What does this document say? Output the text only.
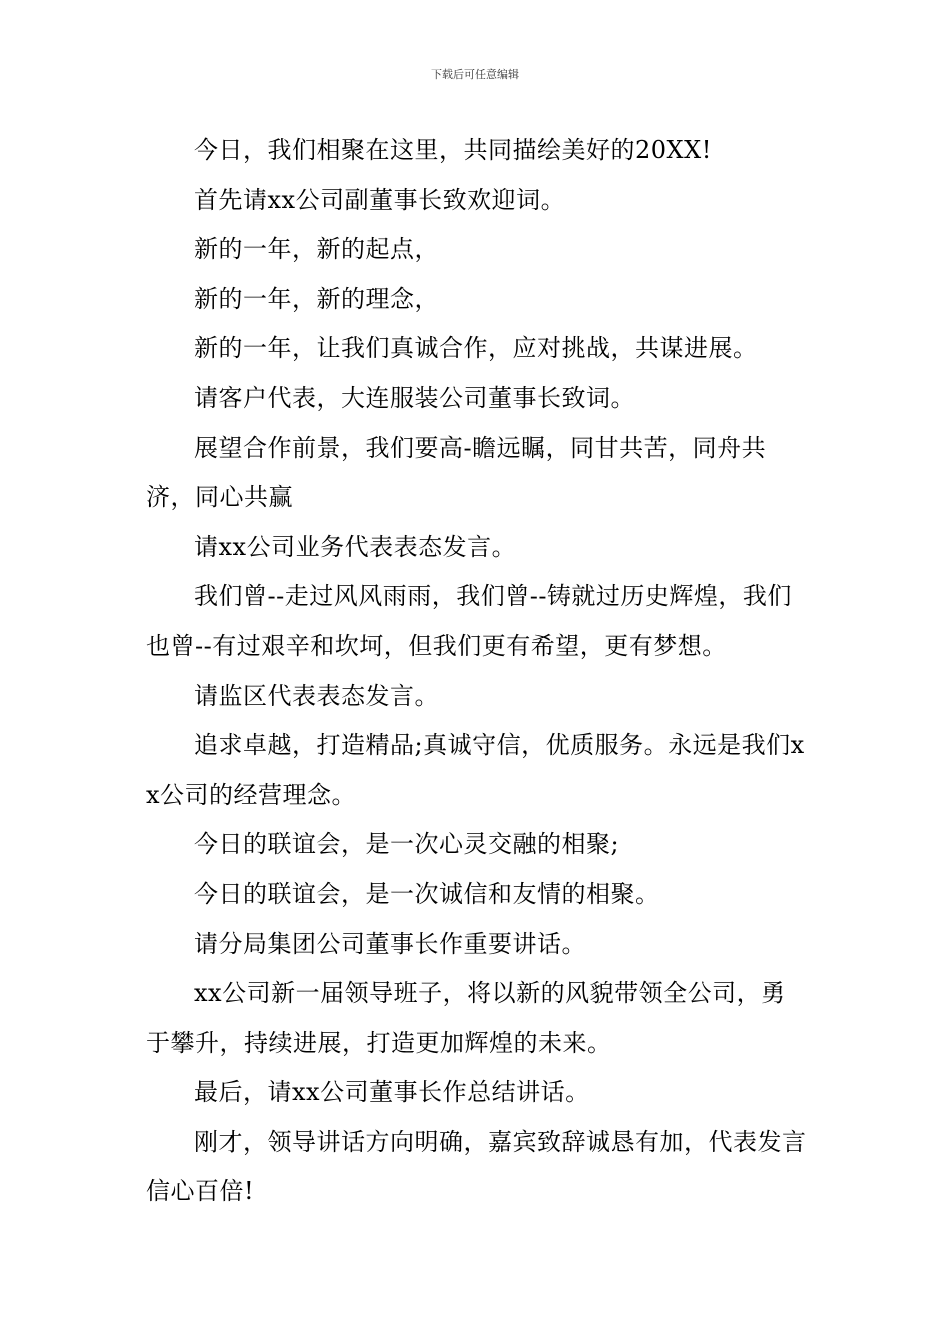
下载后可任意编辑

今日，我们相聚在这里，共同描绘美好的20XX!

首先请xx公司副董事长致欢迎词。

新的一年，新的起点，

新的一年，新的理念，

新的一年，让我们真诚合作，应对挑战，共谋进展。

请客户代表，大连服装公司董事长致词。

展望合作前景，我们要高-瞻远瞩，同甘共苦，同舟共济，同心共赢

请xx公司业务代表表态发言。

我们曾--走过风风雨雨，我们曾--铸就过历史辉煌，我们也曾--有过艰辛和坎坷，但我们更有希望，更有梦想。

请监区代表表态发言。

追求卓越，打造精品;真诚守信，优质服务。永远是我们xx公司的经营理念。

今日的联谊会，是一次心灵交融的相聚;

今日的联谊会，是一次诚信和友情的相聚。

请分局集团公司董事长作重要讲话。

xx公司新一届领导班子，将以新的风貌带领全公司，勇于攀升，持续进展，打造更加辉煌的未来。

最后，请xx公司董事长作总结讲话。

刚才，领导讲话方向明确，嘉宾致辞诚恳有加，代表发言信心百倍!
